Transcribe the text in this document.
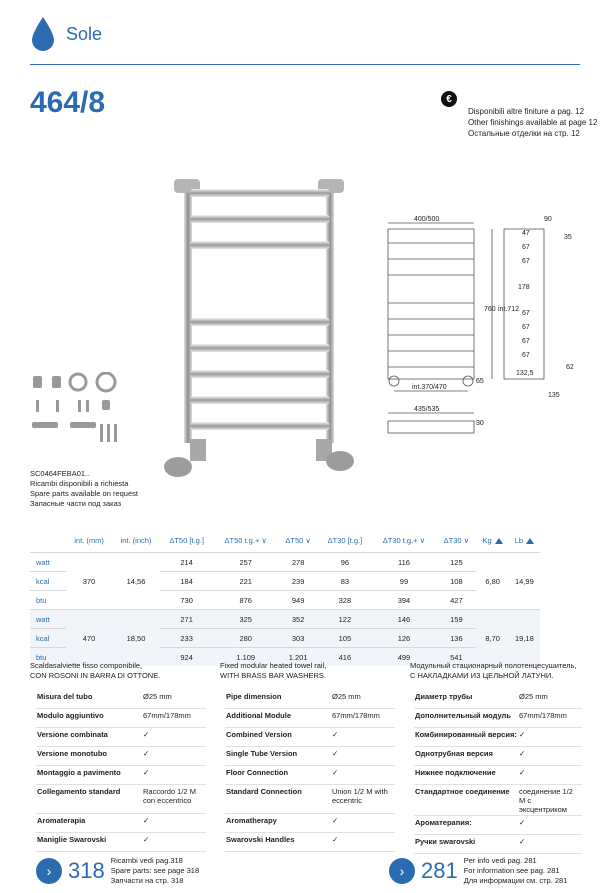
Sole
464/8	€
Disponibili altre finiture a pag. 12
Other finishings available at page 12
Остальные отделки на стр. 12
SC0464FEBA01..
Ricambi disponibili a richiesta
Spare parts available on request
Запасные части под заказ
400/500	90
47
35
67
67
178
760 int.712
67
67
67
67
132,5
62
65
135
int.370/470
435/535
30
	int. (mm)	int. (inch)	ΔT50 [t.g.]	ΔT50 t.g.+ ∨	ΔT50 ∨	ΔT30 [t.g.]	ΔT30 t.g.+ ∨	ΔT30 ∨	Kg	Lb
watt	370	14,56	214	257	278	96	116	125	6,80	14,99
kcal			184	221	239	83	99	108		
btu			730	876	949	328	394	427		
watt	470	18,50	271	325	352	122	146	159	8,70	19,18
kcal			233	280	303	105	126	136		
btu			924	1.109	1.201	416	499	541		
Scaldasalviette fisso componibile,
CON ROSONI IN BARRA DI OTTONE.
Fixed modular heated towel rail,
WITH BRASS BAR WASHERS.
Модульный стационарный полотенцесушитель,
С НАКЛАДКАМИ ИЗ ЦЕЛЬНОЙ ЛАТУНИ.
Misura del tubo	Ø25 mm
Modulo aggiuntivo	67mm/178mm
Versione combinata	✓
Versione monotubo	✓
Montaggio a pavimento	✓
Collegamento standard	Raccordo 1/2 M con eccentrico
Aromaterapia	✓
Maniglie Swarovski	✓
Pipe dimension	Ø25 mm
Additional Module	67mm/178mm
Combined Version	✓
Single Tube Version	✓
Floor Connection	✓
Standard Connection	Union 1/2 M with eccentric
Aromatherapy	✓
Swarovski Handles	✓
Диаметр трубы	Ø25 mm
Дополнительный модуль	67mm/178mm
Комбинированный версия:	✓
Однотрубная версия	✓
Нижнее подключение	✓
Стандартное соединение	соединение 1/2 M с эксцентриком
Ароматерапия:	✓
Ручки swarovski	✓
› 318 Ricambi vedi pag.318
Spare parts: see page 318
Запчасти на стр. 318
› 281 Per info vedi pag. 281
For information see pag. 281
Для информации см. стр. 281
